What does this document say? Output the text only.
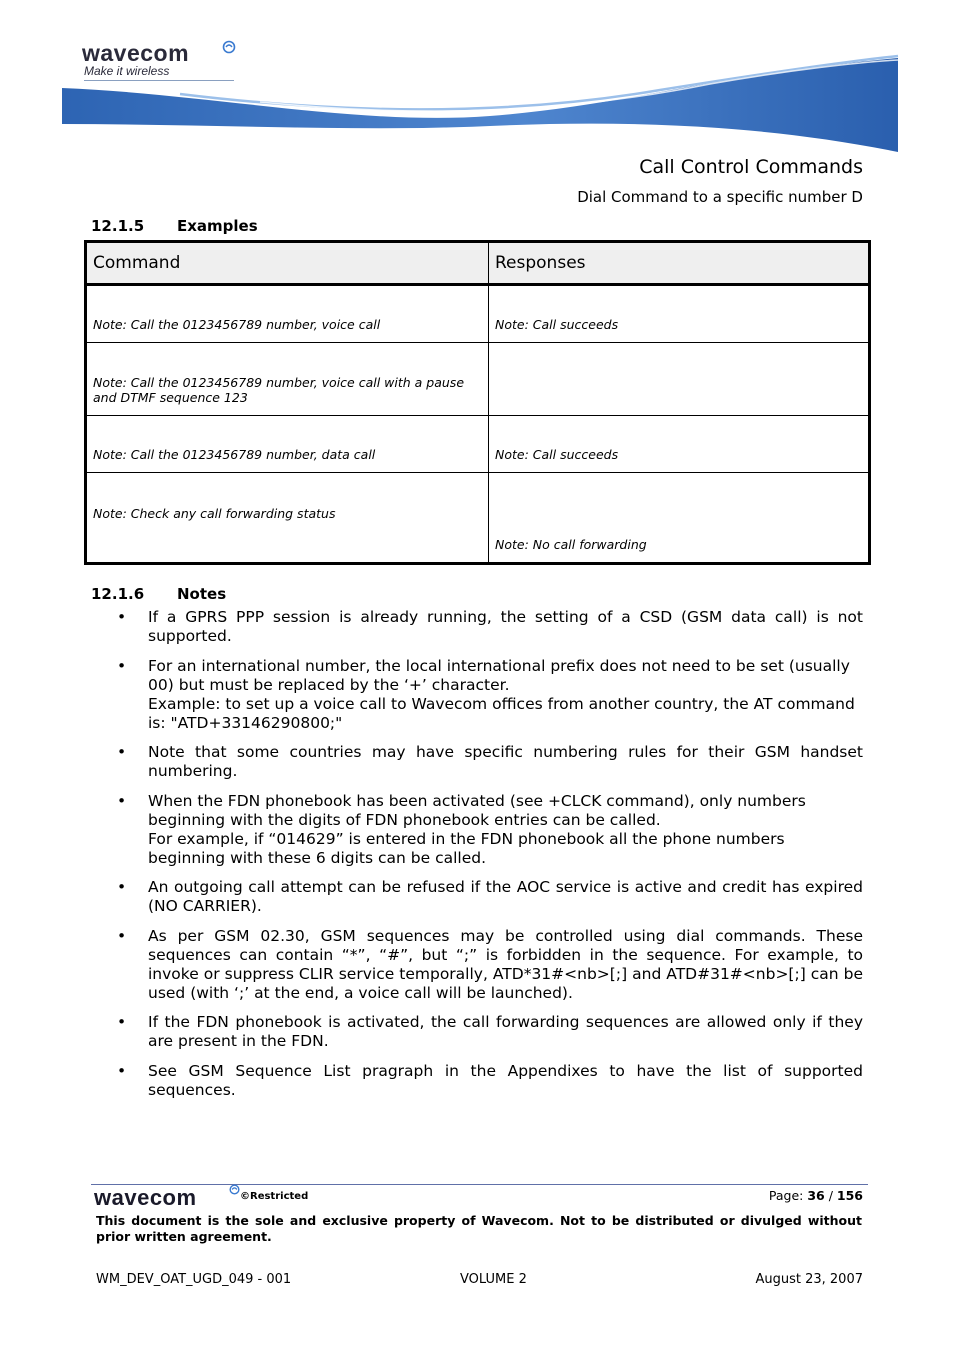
wavecom
Make it wireless
Call Control Commands
Dial Command to a specific number D
12.1.5 Examples
Command	Responses
Note: Call the 0123456789 number, voice call	Note: Call succeeds
Note: Call the 0123456789 number, voice call with a pause and DTMF sequence 123	
Note: Call the 0123456789 number, data call	Note: Call succeeds
Note: Check any call forwarding status	Note: No call forwarding
12.1.6 Notes
• If a GPRS PPP session is already running, the setting of a CSD (GSM data call) is not supported.
• For an international number, the local international prefix does not need to be set (usually 00) but must be replaced by the ‘+’ character.
Example: to set up a voice call to Wavecom offices from another country, the AT command is: "ATD+33146290800;"
• Note that some countries may have specific numbering rules for their GSM handset numbering.
• When the FDN phonebook has been activated (see +CLCK command), only numbers beginning with the digits of FDN phonebook entries can be called.
For example, if “014629” is entered in the FDN phonebook all the phone numbers beginning with these 6 digits can be called.
• An outgoing call attempt can be refused if the AOC service is active and credit has expired (NO CARRIER).
• As per GSM 02.30, GSM sequences may be controlled using dial commands. These sequences can contain “*”, “#”, but “;” is forbidden in the sequence. For example, to invoke or suppress CLIR service temporally, ATD*31#<nb>[;] and ATD#31#<nb>[;] can be used (with ‘;’ at the end, a voice call will be launched).
• If the FDN phonebook is activated, the call forwarding sequences are allowed only if they are present in the FDN.
• See GSM Sequence List pragraph in the Appendixes to have the list of supported sequences.
wavecom	©Restricted	Page: 36 / 156
This document is the sole and exclusive property of Wavecom. Not to be distributed or divulged without prior written agreement.
WM_DEV_OAT_UGD_049 - 001	VOLUME 2	August 23, 2007
